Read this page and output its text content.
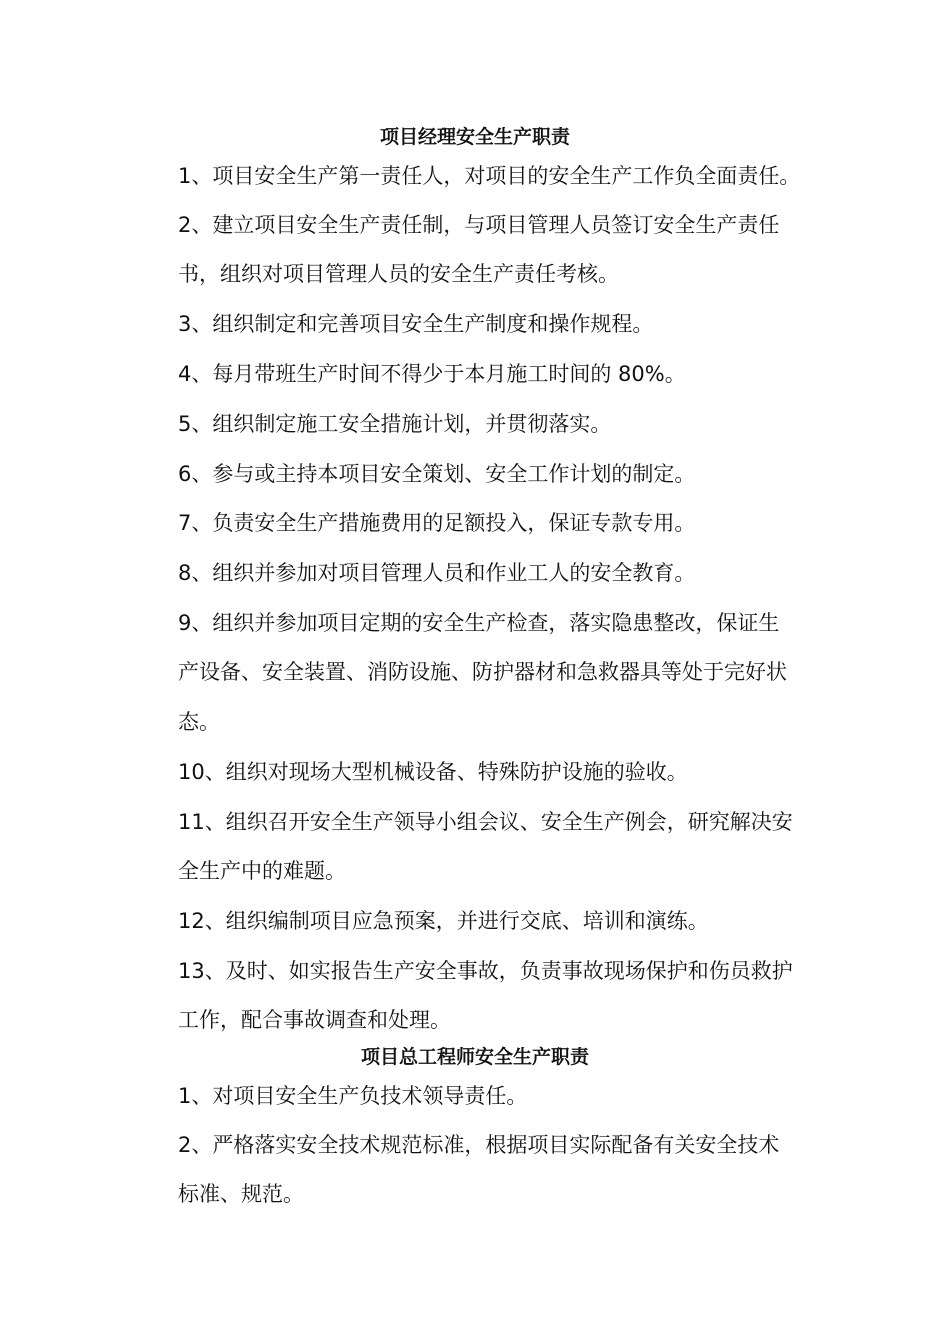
项目经理安全生产职责
1、项目安全生产第一责任人，对项目的安全生产工作负全面责任。
2、建立项目安全生产责任制，与项目管理人员签订安全生产责任
书，组织对项目管理人员的安全生产责任考核。
3、组织制定和完善项目安全生产制度和操作规程。
4、每月带班生产时间不得少于本月施工时间的 80%。
5、组织制定施工安全措施计划，并贯彻落实。
6、参与或主持本项目安全策划、安全工作计划的制定。
7、负责安全生产措施费用的足额投入，保证专款专用。
8、组织并参加对项目管理人员和作业工人的安全教育。
9、组织并参加项目定期的安全生产检查，落实隐患整改，保证生
产设备、安全装置、消防设施、防护器材和急救器具等处于完好状
态。
10、组织对现场大型机械设备、特殊防护设施的验收。
11、组织召开安全生产领导小组会议、安全生产例会，研究解决安
全生产中的难题。
12、组织编制项目应急预案，并进行交底、培训和演练。
13、及时、如实报告生产安全事故，负责事故现场保护和伤员救护
工作，配合事故调查和处理。
项目总工程师安全生产职责
1、对项目安全生产负技术领导责任。
2、严格落实安全技术规范标准，根据项目实际配备有关安全技术
标准、规范。
